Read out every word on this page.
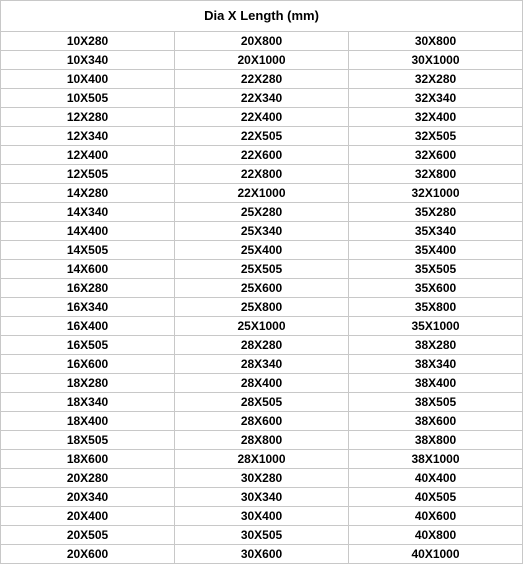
Dia X Length (mm)		
10X280	20X800	30X800
10X340	20X1000	30X1000
10X400	22X280	32X280
10X505	22X340	32X340
12X280	22X400	32X400
12X340	22X505	32X505
12X400	22X600	32X600
12X505	22X800	32X800
14X280	22X1000	32X1000
14X340	25X280	35X280
14X400	25X340	35X340
14X505	25X400	35X400
14X600	25X505	35X505
16X280	25X600	35X600
16X340	25X800	35X800
16X400	25X1000	35X1000
16X505	28X280	38X280
16X600	28X340	38X340
18X280	28X400	38X400
18X340	28X505	38X505
18X400	28X600	38X600
18X505	28X800	38X800
18X600	28X1000	38X1000
20X280	30X280	40X400
20X340	30X340	40X505
20X400	30X400	40X600
20X505	30X505	40X800
20X600	30X600	40X1000
